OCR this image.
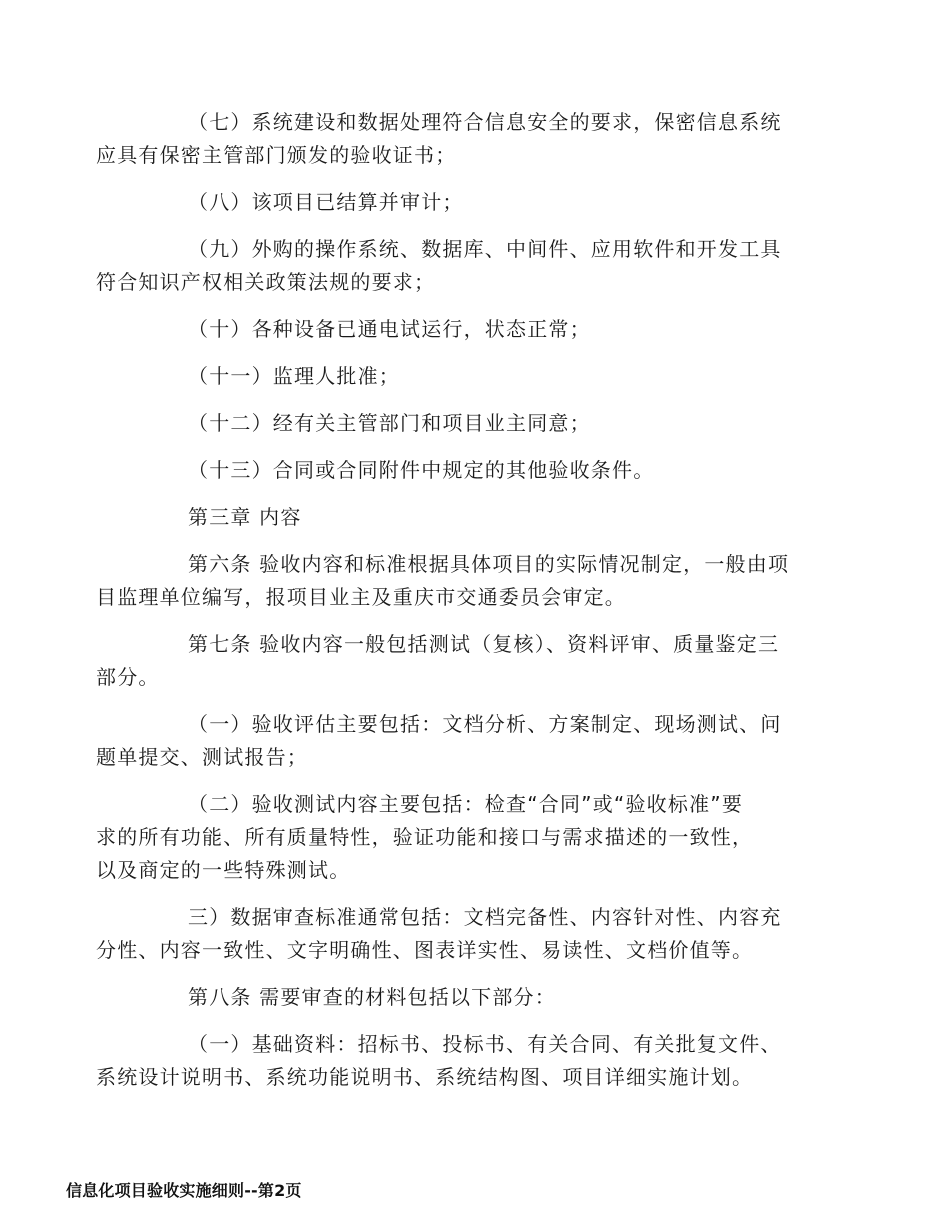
（七）系统建设和数据处理符合信息安全的要求，保密信息系统
应具有保密主管部门颁发的验收证书；
（八）该项目已结算并审计；
（九）外购的操作系统、数据库、中间件、应用软件和开发工具
符合知识产权相关政策法规的要求；
（十）各种设备已通电试运行，状态正常；
（十一）监理人批准；
（十二）经有关主管部门和项目业主同意；
（十三）合同或合同附件中规定的其他验收条件。
第三章 内容
第六条 验收内容和标准根据具体项目的实际情况制定，一般由项
目监理单位编写，报项目业主及重庆市交通委员会审定。
第七条 验收内容一般包括测试（复核）、资料评审、质量鉴定三
部分。
（一）验收评估主要包括：文档分析、方案制定、现场测试、问
题单提交、测试报告；
（二）验收测试内容主要包括：检查“合同”或“验收标准”要
求的所有功能、所有质量特性，验证功能和接口与需求描述的一致性，
以及商定的一些特殊测试。
三）数据审查标准通常包括：文档完备性、内容针对性、内容充
分性、内容一致性、文字明确性、图表详实性、易读性、文档价值等。
第八条 需要审查的材料包括以下部分：
（一）基础资料：招标书、投标书、有关合同、有关批复文件、
系统设计说明书、系统功能说明书、系统结构图、项目详细实施计划。
信息化项目验收实施细则--第2页
